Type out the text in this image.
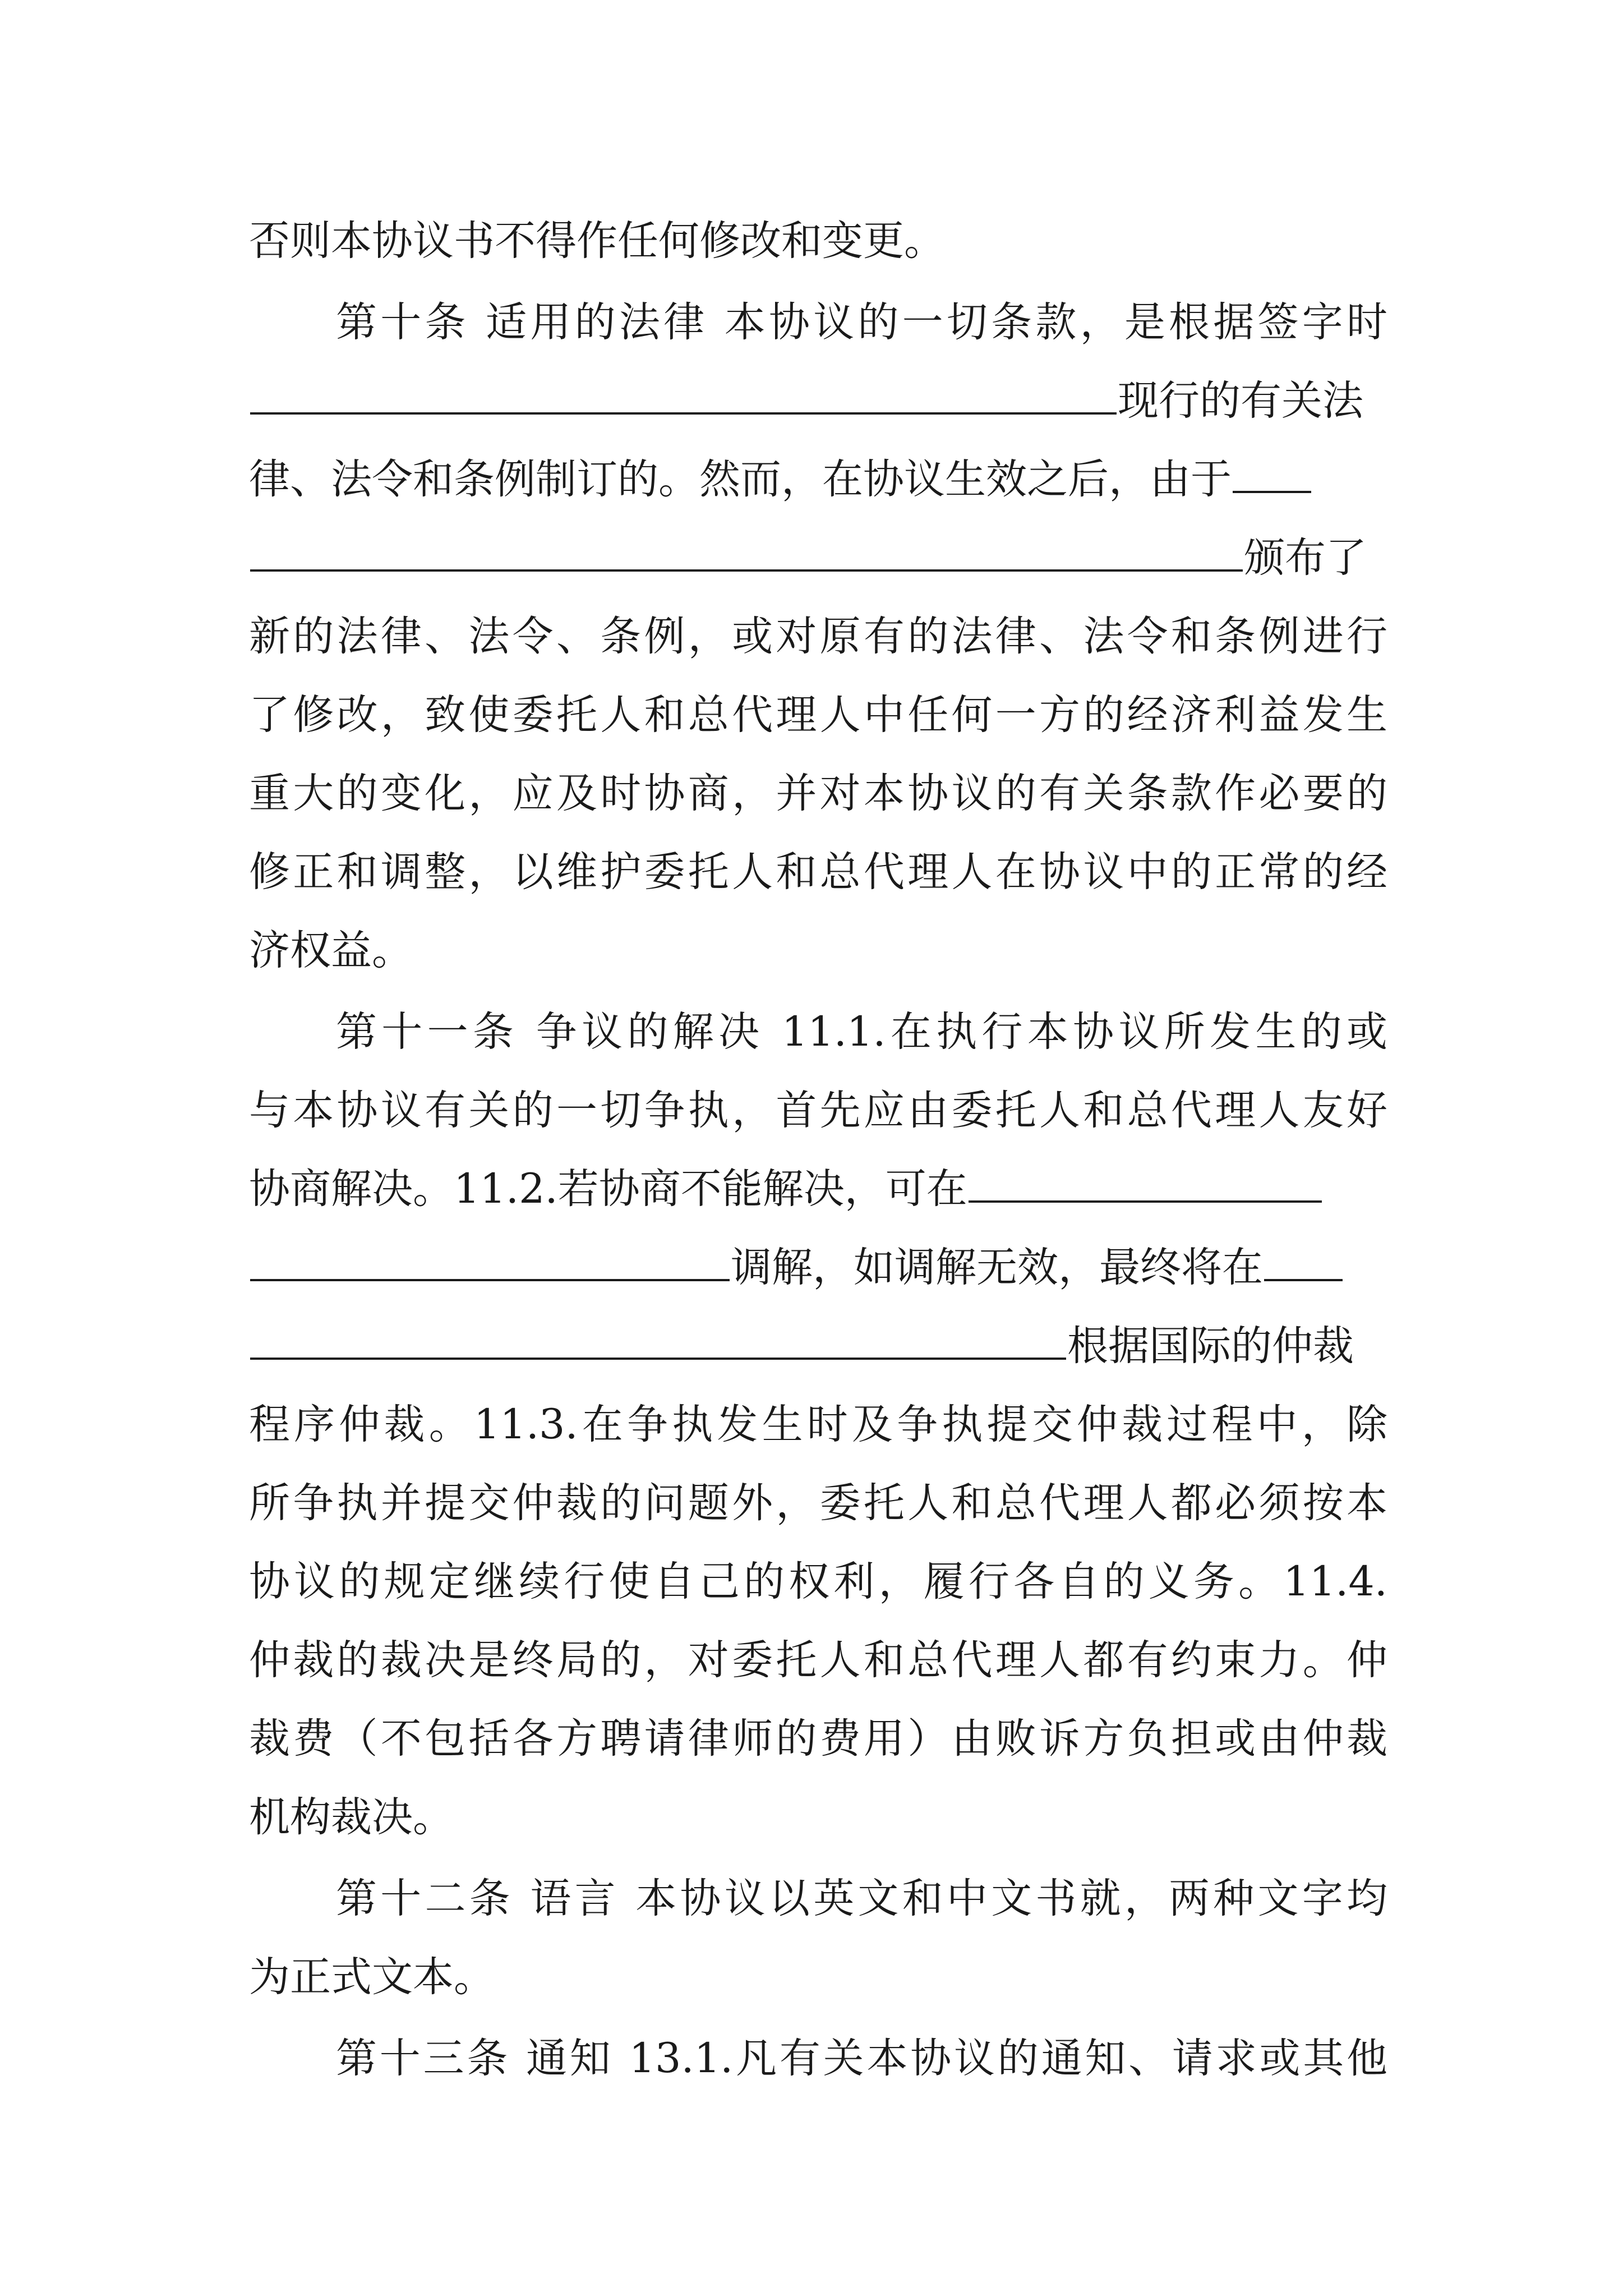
否则本协议书不得作任何修改和变更。
第十条 适用的法律 本协议的一切条款，是根据签字时
现行的有关法
律、法令和条例制订的。然而，在协议生效之后，由于
颁布了
新的法律、法令、条例，或对原有的法律、法令和条例进行
了修改，致使委托人和总代理人中任何一方的经济利益发生
重大的变化，应及时协商，并对本协议的有关条款作必要的
修正和调整，以维护委托人和总代理人在协议中的正常的经
济权益。
第十一条 争议的解决 11.1.在执行本协议所发生的或
与本协议有关的一切争执，首先应由委托人和总代理人友好
协商解决。11.2.若协商不能解决，可在
调解，如调解无效，最终将在
根据国际的仲裁
程序仲裁。11.3.在争执发生时及争执提交仲裁过程中，除
所争执并提交仲裁的问题外，委托人和总代理人都必须按本
协议的规定继续行使自己的权利，履行各自的义务。11.4.
仲裁的裁决是终局的，对委托人和总代理人都有约束力。仲
裁费（不包括各方聘请律师的费用）由败诉方负担或由仲裁
机构裁决。
第十二条 语言 本协议以英文和中文书就，两种文字均
为正式文本。
第十三条 通知 13.1.凡有关本协议的通知、请求或其他
